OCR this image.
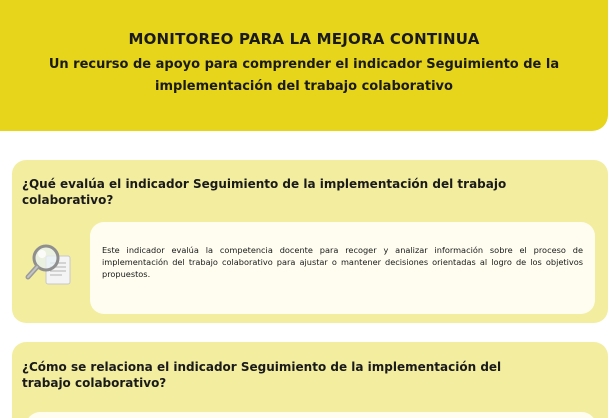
MONITOREO PARA LA MEJORA CONTINUA
Un recurso de apoyo para comprender el indicador Seguimiento de la implementación del trabajo colaborativo
¿Qué evalúa el indicador Seguimiento de la implementación del trabajo colaborativo?

Este indicador evalúa la competencia docente para recoger y analizar información sobre el proceso de implementación del trabajo colaborativo para ajustar o mantener decisiones orientadas al logro de los objetivos propuestos.

¿Cómo se relaciona el indicador Seguimiento de la implementación del trabajo colaborativo?
